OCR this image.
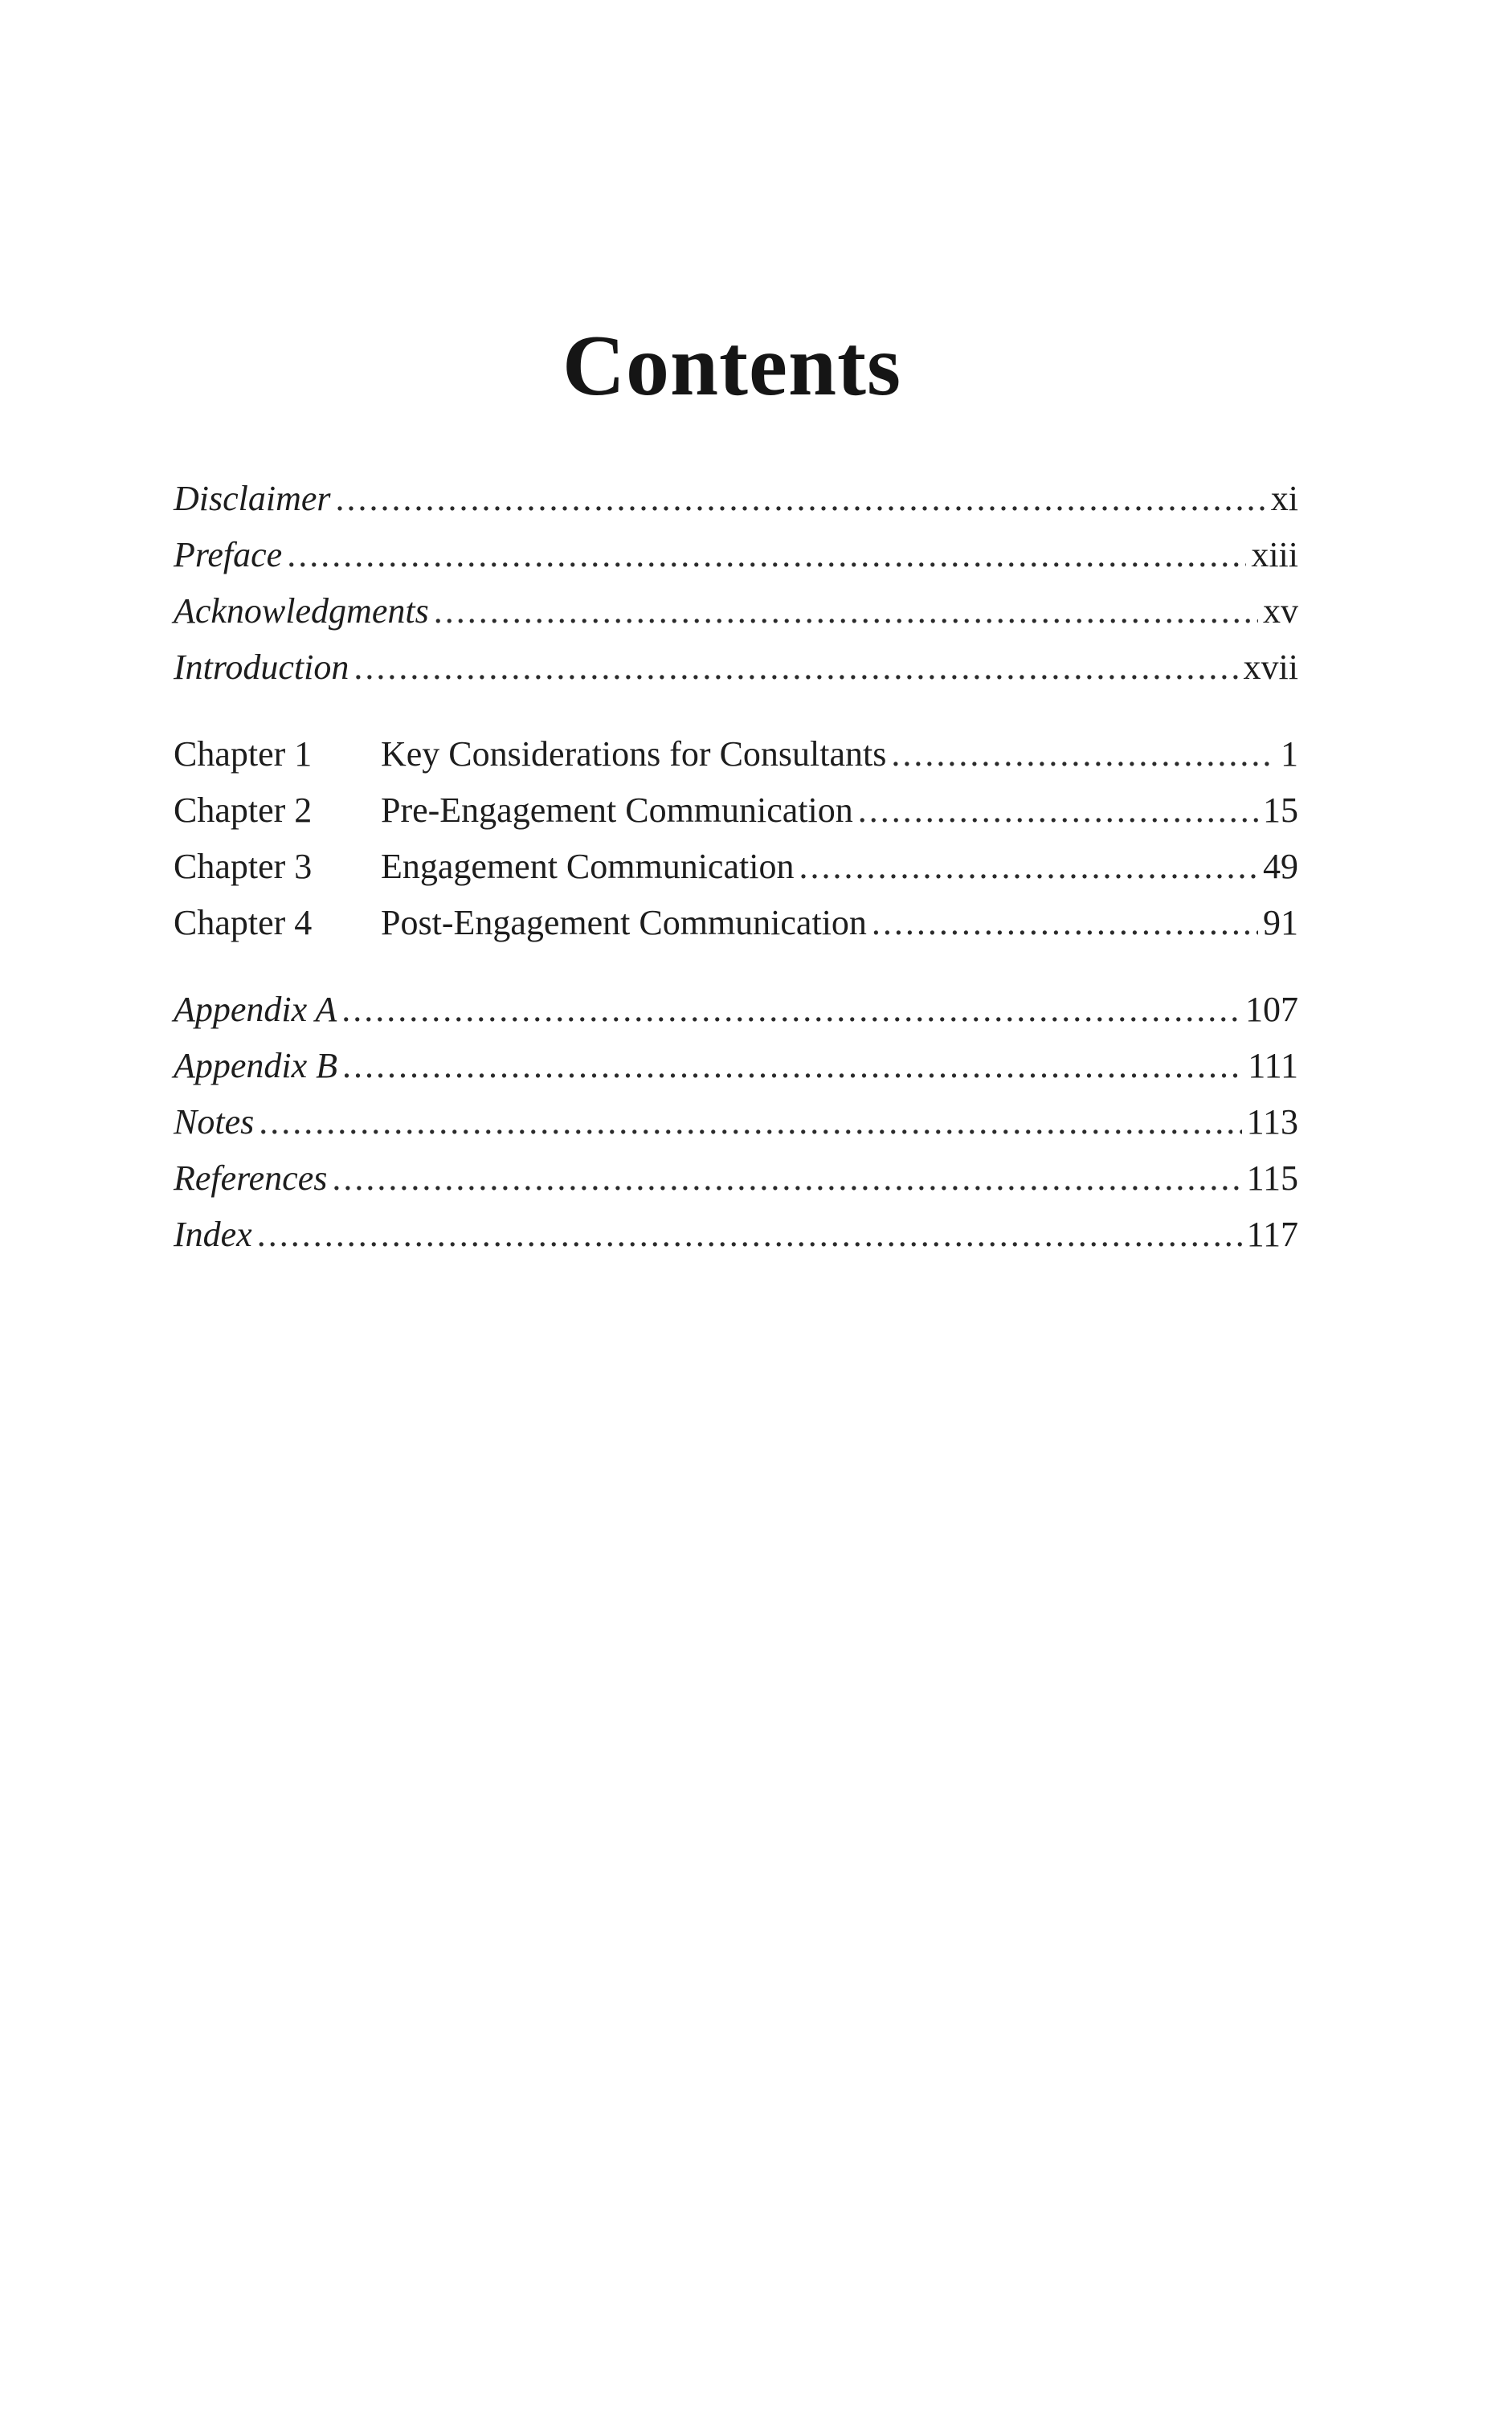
Contents
Disclaimer .....	xi
Preface .....	xiii
Acknowledgments .....	xv
Introduction .....	xvii
Chapter 1	Key Considerations for Consultants .....	1
Chapter 2	Pre-Engagement Communication .....	15
Chapter 3	Engagement Communication .....	49
Chapter 4	Post-Engagement Communication .....	91
Appendix A .....	107
Appendix B .....	111
Notes .....	113
References .....	115
Index .....	117
